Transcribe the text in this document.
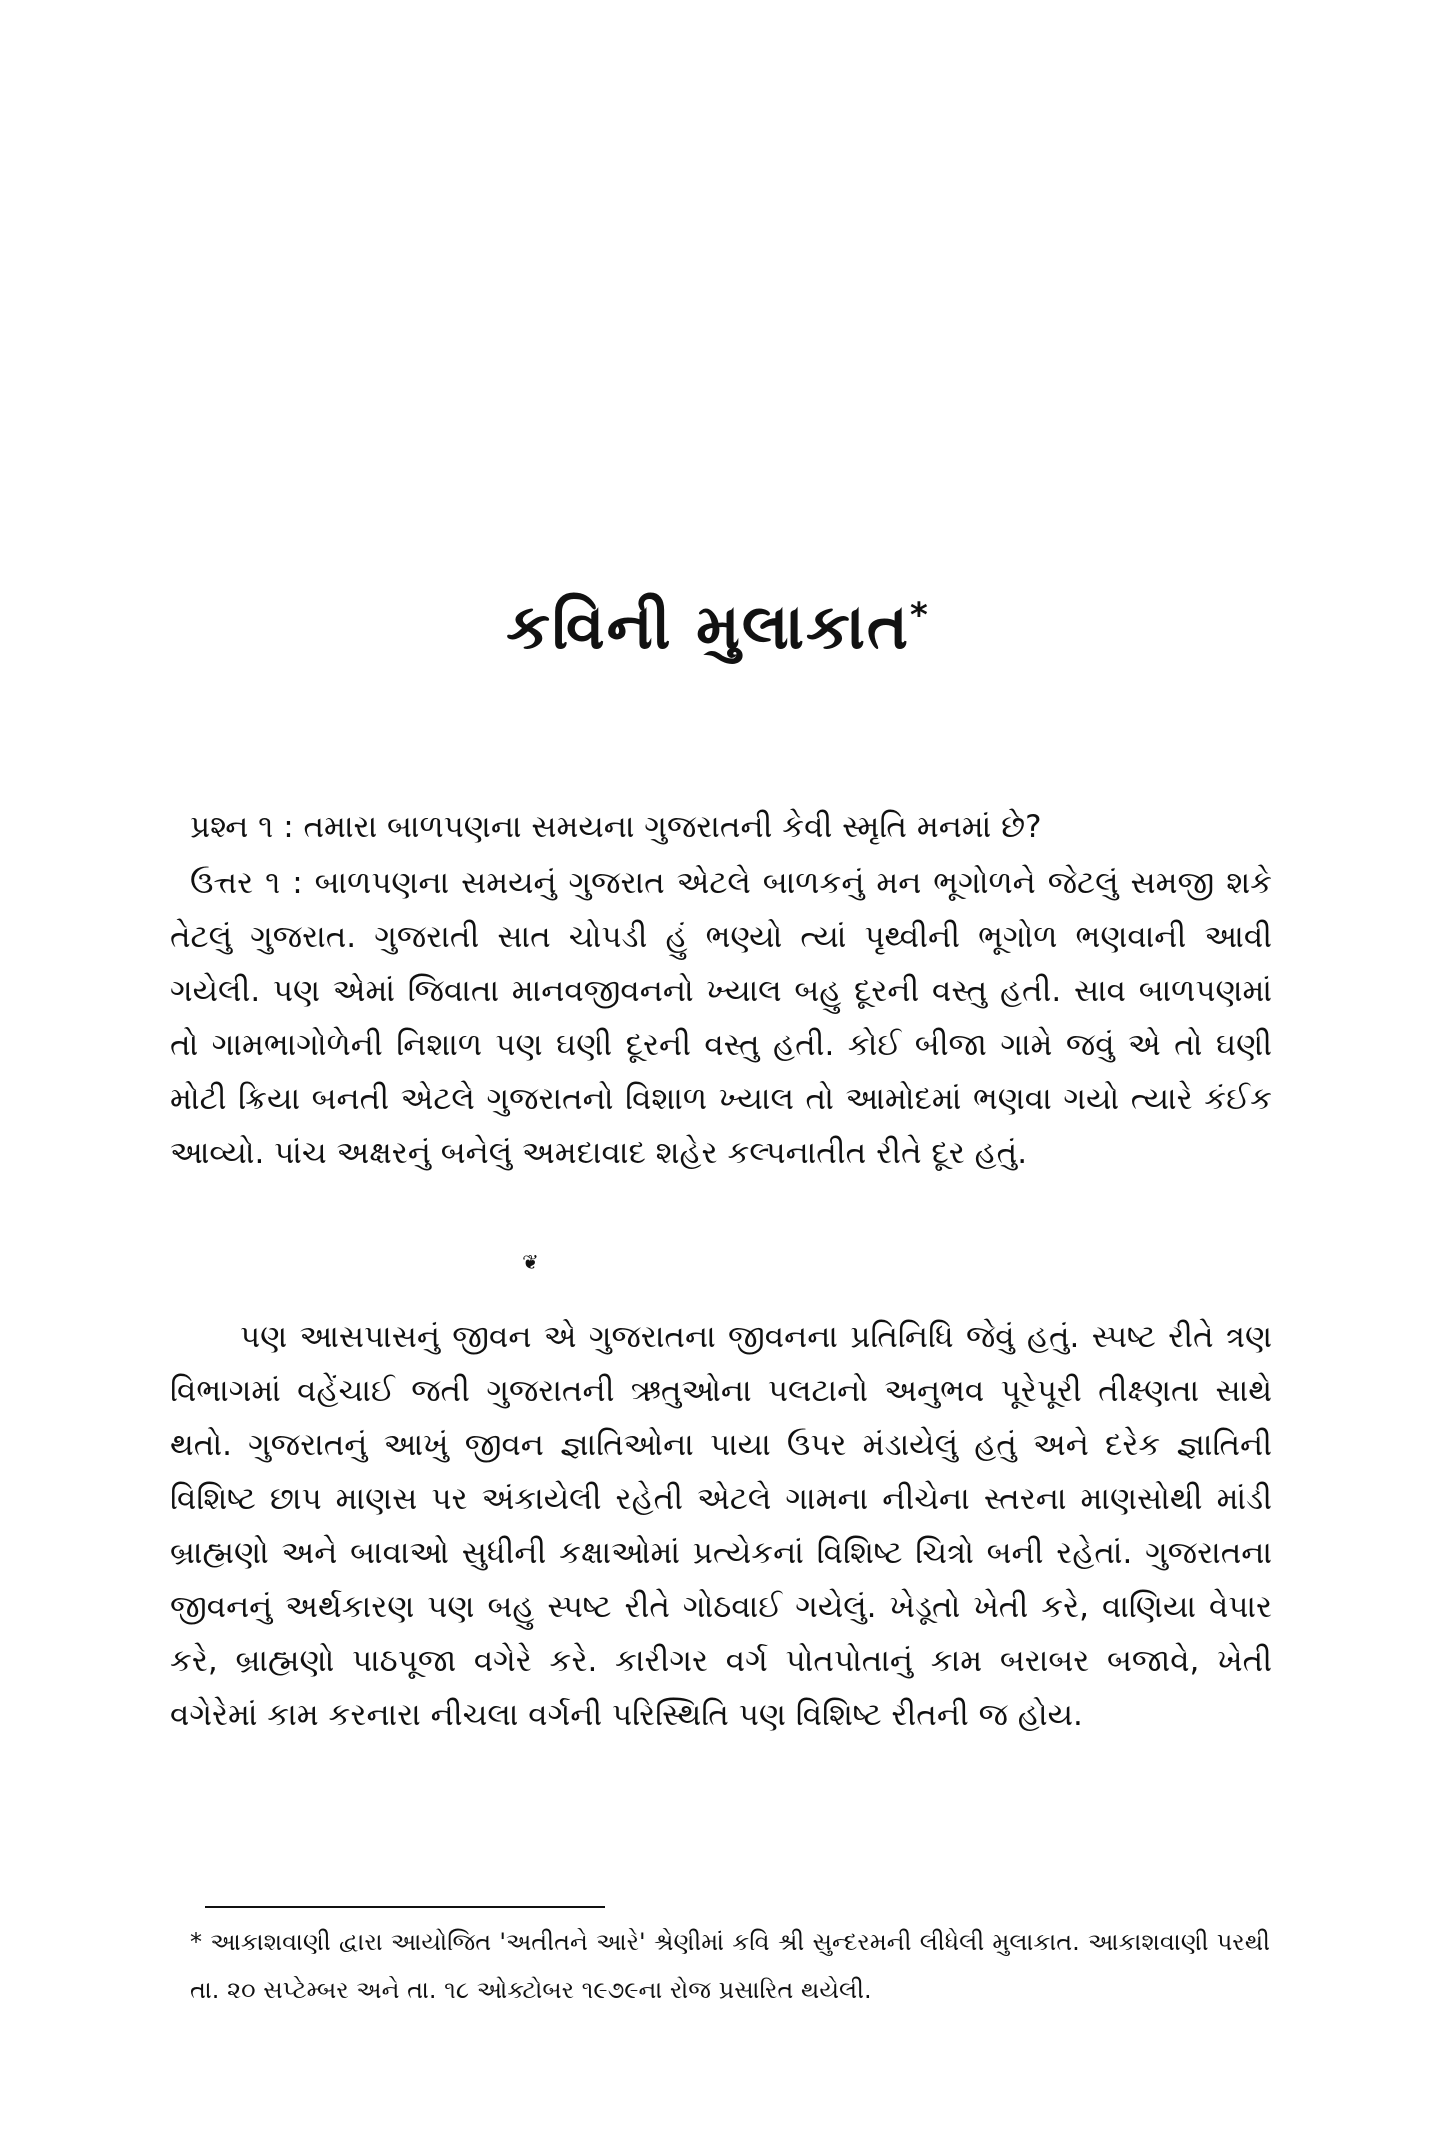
કવિની મુલાકાત*
પ્રશ્ન ૧ : તમારા બાળપણના સમયના ગુજરાતની કેવી સ્મૃતિ મનમાં છે?
ઉત્તર ૧ : બાળપણના સમયનું ગુજરાત એટલે બાળકનું મન ભૂગોળને જેટલું સમજી શકે તેટલું ગુજરાત. ગુજરાતી સાત ચોપડી હું ભણ્યો ત્યાં પૃથ્વીની ભૂગોળ ભણવાની આવી ગયેલી. પણ એમાં જિવાતા માનવજીવનનો ખ્યાલ બહુ દૂરની વસ્તુ હતી. સાવ બાળપણમાં તો ગામભાગોળેની નિશાળ પણ ઘણી દૂરની વસ્તુ હતી. કોઈ બીજા ગામે જવું એ તો ઘણી મોટી ક્રિયા બનતી એટલે ગુજરાતનો વિશાળ ખ્યાલ તો આમોદમાં ભણવા ગયો ત્યારે કંઈક આવ્યો. પાંચ અક્ષરનું બનેલું અમદાવાદ શહેર કલ્પનાતીત રીતે દૂર હતું.
❦
પણ આસપાસનું જીવન એ ગુજરાતના જીવનના પ્રતિનિધિ જેવું હતું. સ્પષ્ટ રીતે ત્રણ વિભાગમાં વહેંચાઈ જતી ગુજરાતની ઋતુઓના પલટાનો અનુભવ પૂરેપૂરી તીક્ષ્ણતા સાથે થતો. ગુજરાતનું આખું જીવન જ્ઞાતિઓના પાયા ઉપર મંડાયેલું હતું અને દરેક જ્ઞાતિની વિશિષ્ટ છાપ માણસ પર અંકાયેલી રહેતી એટલે ગામના નીચેના સ્તરના માણસોથી માંડી બ્રાહ્મણો અને બાવાઓ સુધીની કક્ષાઓમાં પ્રત્યેકનાં વિશિષ્ટ ચિત્રો બની રહેતાં. ગુજરાતના જીવનનું અર્થકારણ પણ બહુ સ્પષ્ટ રીતે ગોઠવાઈ ગયેલું. ખેડૂતો ખેતી કરે, વાણિયા વેપાર કરે, બ્રાહ્મણો પાઠપૂજા વગેરે કરે. કારીગર વર્ગ પોતપોતાનું કામ બરાબર બજાવે, ખેતી વગેરેમાં કામ કરનારા નીચલા વર્ગની પરિસ્થિતિ પણ વિશિષ્ટ રીતની જ હોય.
* આકાશવાણી દ્વારા આયોજિત 'અતીતને આરે' શ્રેણીમાં કવિ શ્રી સુન્દરમની લીધેલી મુલાકાત. આકાશવાણી પરથી તા. ૨૦ સપ્ટેમ્બર અને તા. ૧૮ ઓક્ટોબર ૧૯૭૯ના રોજ પ્રસારિત થયેલી.
